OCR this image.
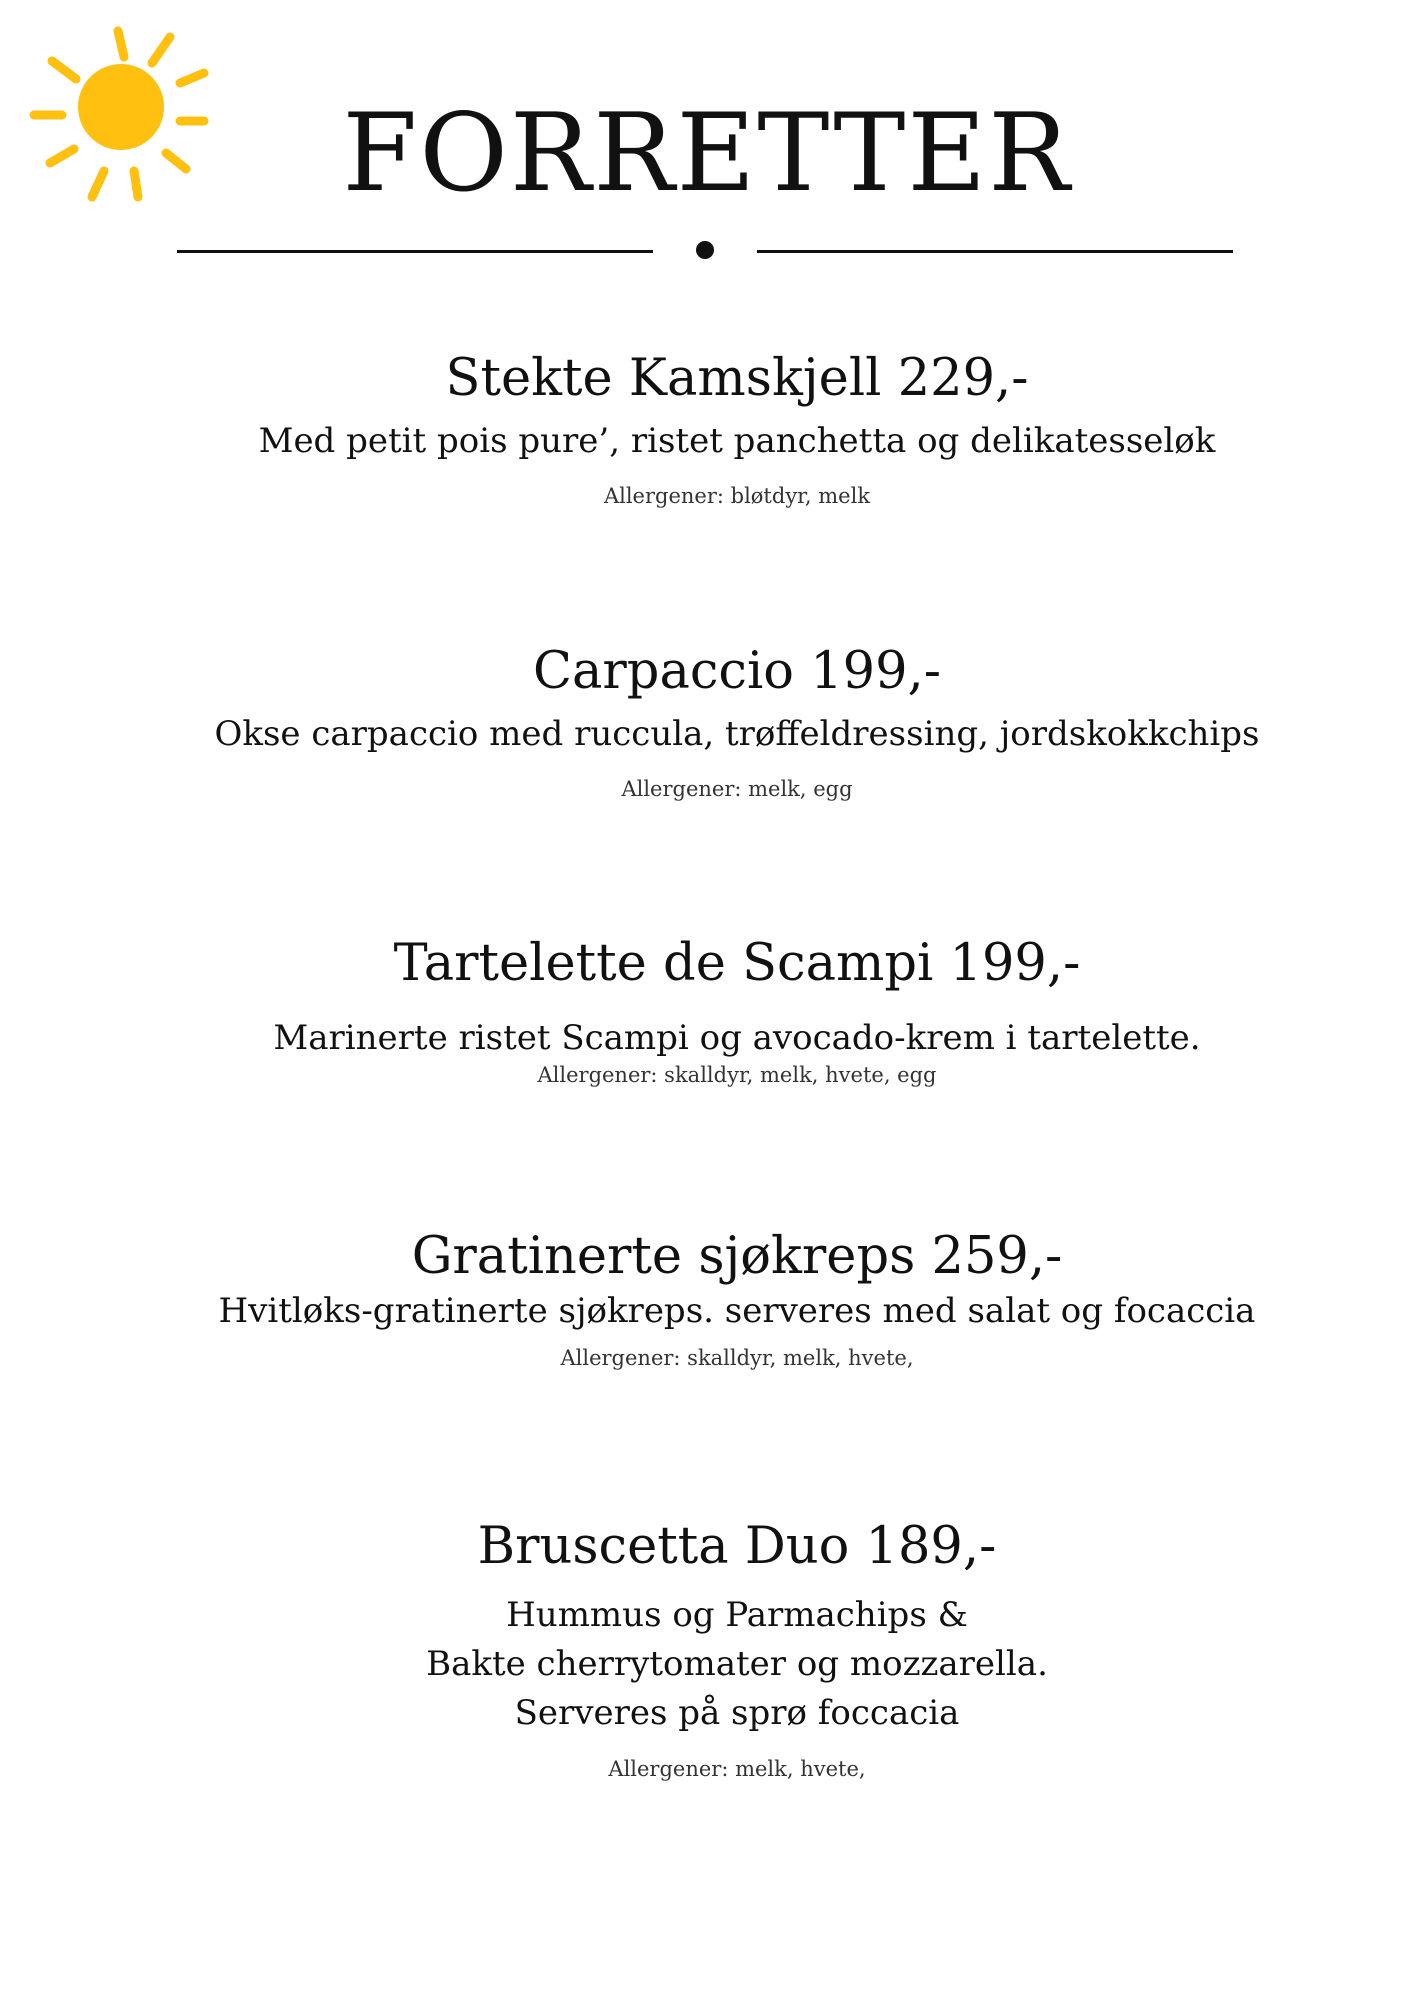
FORRETTER

Stekte Kamskjell 229,-

Med petit pois pure’, ristet panchetta og delikatesseløk

Allergener: bløtdyr, melk

Carpaccio 199,-

Okse carpaccio med ruccula, trøffeldressing, jordskokkchips

Allergener: melk, egg

Tartelette de Scampi 199,-

Marinerte ristet Scampi og avocado-krem i tartelette.

Allergener: skalldyr, melk, hvete, egg

Gratinerte sjøkreps 259,-

Hvitløks-gratinerte sjøkreps. serveres med salat og focaccia

Allergener: skalldyr, melk, hvete,

Bruscetta Duo 189,-

Hummus og Parmachips &

Bakte cherrytomater og mozzarella.

Serveres på sprø foccacia

Allergener: melk, hvete,
